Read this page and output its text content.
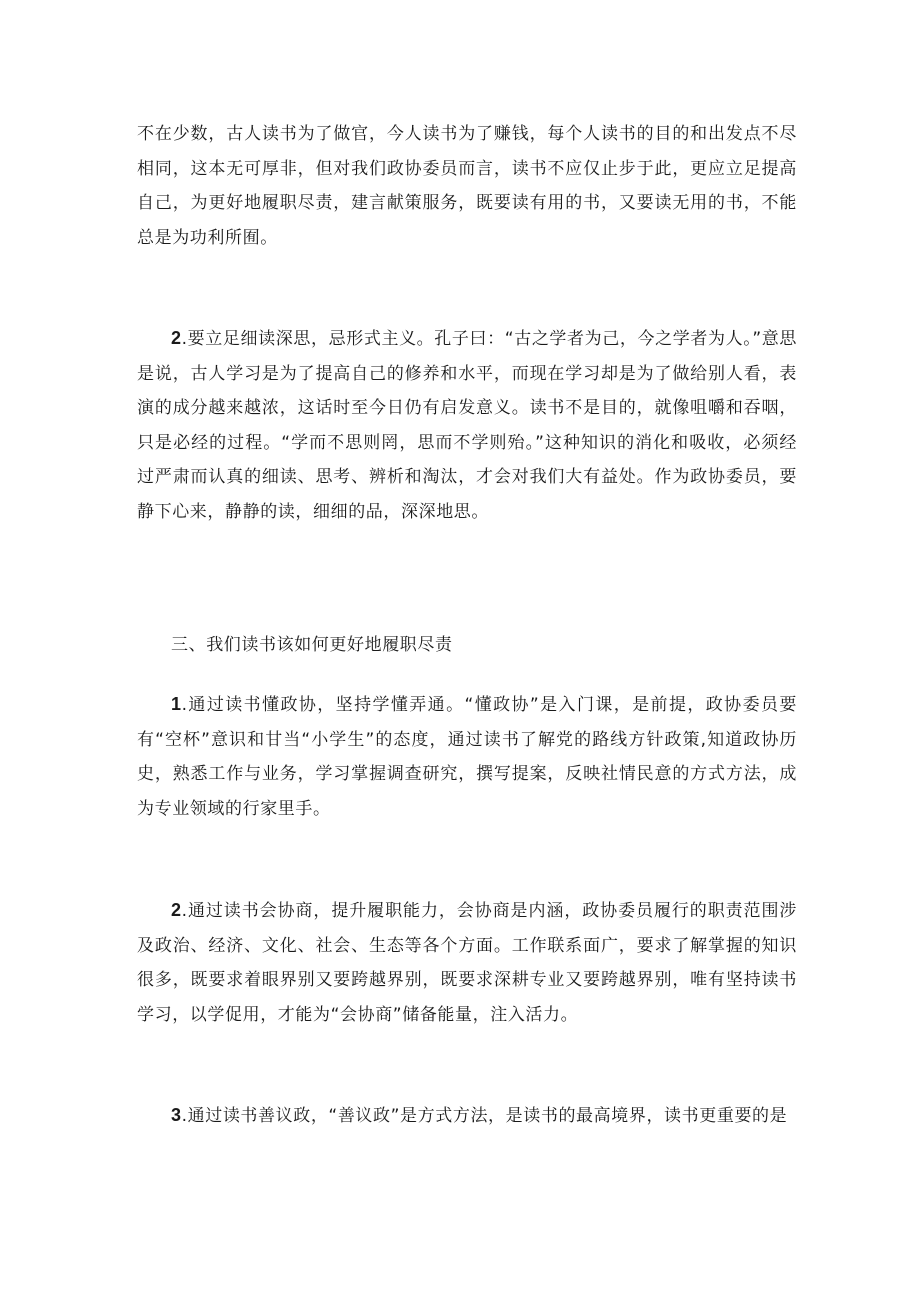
不在少数，古人读书为了做官，今人读书为了赚钱，每个人读书的目的和出发点不尽相同，这本无可厚非，但对我们政协委员而言，读书不应仅止步于此，更应立足提高自己，为更好地履职尽责，建言献策服务，既要读有用的书，又要读无用的书，不能总是为功利所囿。

2.要立足细读深思，忌形式主义。孔子曰：“古之学者为己，今之学者为人。”意思是说，古人学习是为了提高自己的修养和水平，而现在学习却是为了做给别人看，表演的成分越来越浓，这话时至今日仍有启发意义。读书不是目的，就像咀嚼和吞咽，只是必经的过程。“学而不思则罔，思而不学则殆。”这种知识的消化和吸收，必须经过严肃而认真的细读、思考、辨析和淘汰，才会对我们大有益处。作为政协委员，要静下心来，静静的读，细细的品，深深地思。

三、我们读书该如何更好地履职尽责

1.通过读书懂政协，坚持学懂弄通。“懂政协”是入门课，是前提，政协委员要有“空杯”意识和甘当“小学生”的态度，通过读书了解党的路线方针政策,知道政协历史，熟悉工作与业务，学习掌握调查研究，撰写提案，反映社情民意的方式方法，成为专业领域的行家里手。

2.通过读书会协商，提升履职能力，会协商是内涵，政协委员履行的职责范围涉及政治、经济、文化、社会、生态等各个方面。工作联系面广，要求了解掌握的知识很多，既要求着眼界别又要跨越界别，既要求深耕专业又要跨越界别，唯有坚持读书学习，以学促用，才能为“会协商”储备能量，注入活力。

3.通过读书善议政，“善议政”是方式方法，是读书的最高境界，读书更重要的是
